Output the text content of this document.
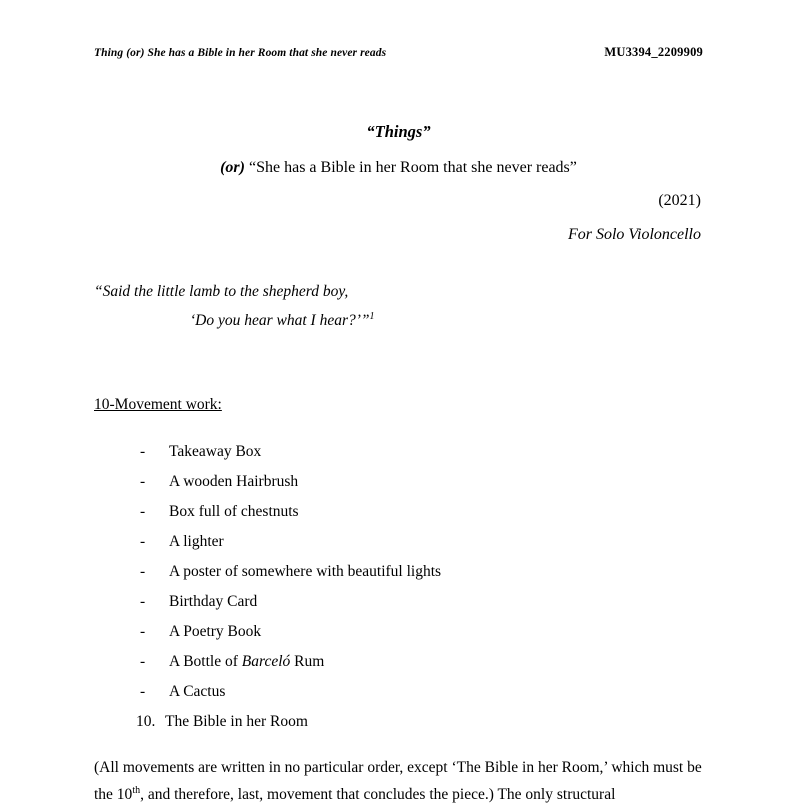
Thing (or) She has a Bible in her Room that she never reads	MU3394_2209909
“Things”
(or) “She has a Bible in her Room that she never reads”
(2021)
For Solo Violoncello
“Said the little lamb to the shepherd boy,
‘Do you hear what I hear?’”$^1$
10-Movement work:
-	Takeaway Box
-	A wooden Hairbrush
-	Box full of chestnuts
-	A lighter
-	A poster of somewhere with beautiful lights
-	Birthday Card
-	A Poetry Book
-	A Bottle of Barceló Rum
-	A Cactus
10. The Bible in her Room
(All movements are written in no particular order, except ‘The Bible in her Room,’ which must be the 10th, and therefore, last, movement that concludes the piece.) The only structural
